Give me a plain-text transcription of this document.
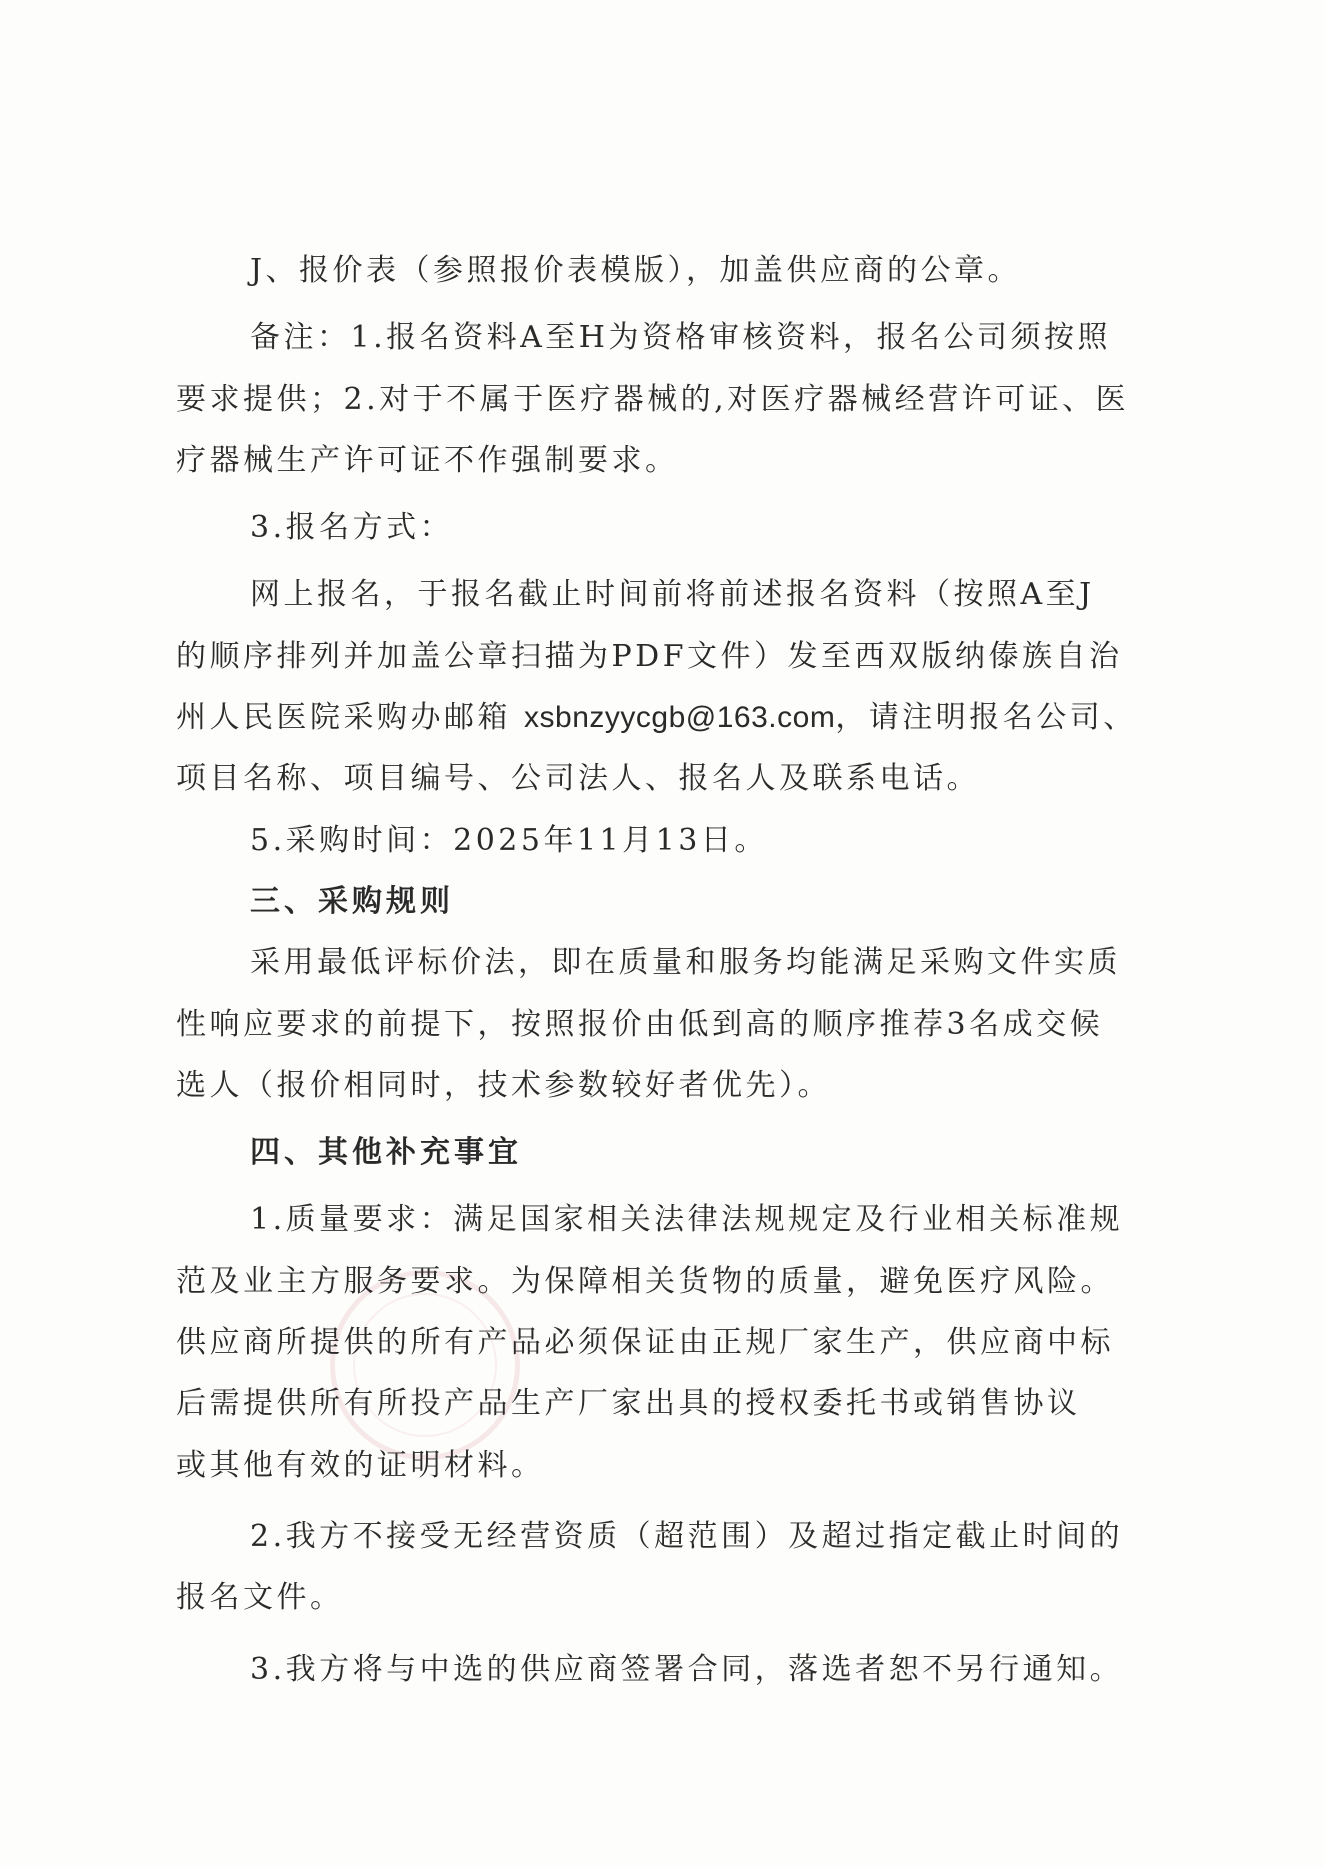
J、报价表（参照报价表模版），加盖供应商的公章。

备注：1.报名资料A至H为资格审核资料，报名公司须按照

要求提供；2.对于不属于医疗器械的,对医疗器械经营许可证、医

疗器械生产许可证不作强制要求。

3.报名方式：

网上报名，于报名截止时间前将前述报名资料（按照A至J

的顺序排列并加盖公章扫描为PDF文件）发至西双版纳傣族自治

州人民医院采购办邮箱 xsbnzyycgb@163.com，请注明报名公司、

项目名称、项目编号、公司法人、报名人及联系电话。

5.采购时间：2025年11月13日。

三、采购规则

采用最低评标价法，即在质量和服务均能满足采购文件实质

性响应要求的前提下，按照报价由低到高的顺序推荐3名成交候

选人（报价相同时，技术参数较好者优先）。

四、其他补充事宜

1.质量要求：满足国家相关法律法规规定及行业相关标准规

范及业主方服务要求。为保障相关货物的质量，避免医疗风险。

供应商所提供的所有产品必须保证由正规厂家生产，供应商中标

后需提供所有所投产品生产厂家出具的授权委托书或销售协议

或其他有效的证明材料。

2.我方不接受无经营资质（超范围）及超过指定截止时间的

报名文件。

3.我方将与中选的供应商签署合同，落选者恕不另行通知。
